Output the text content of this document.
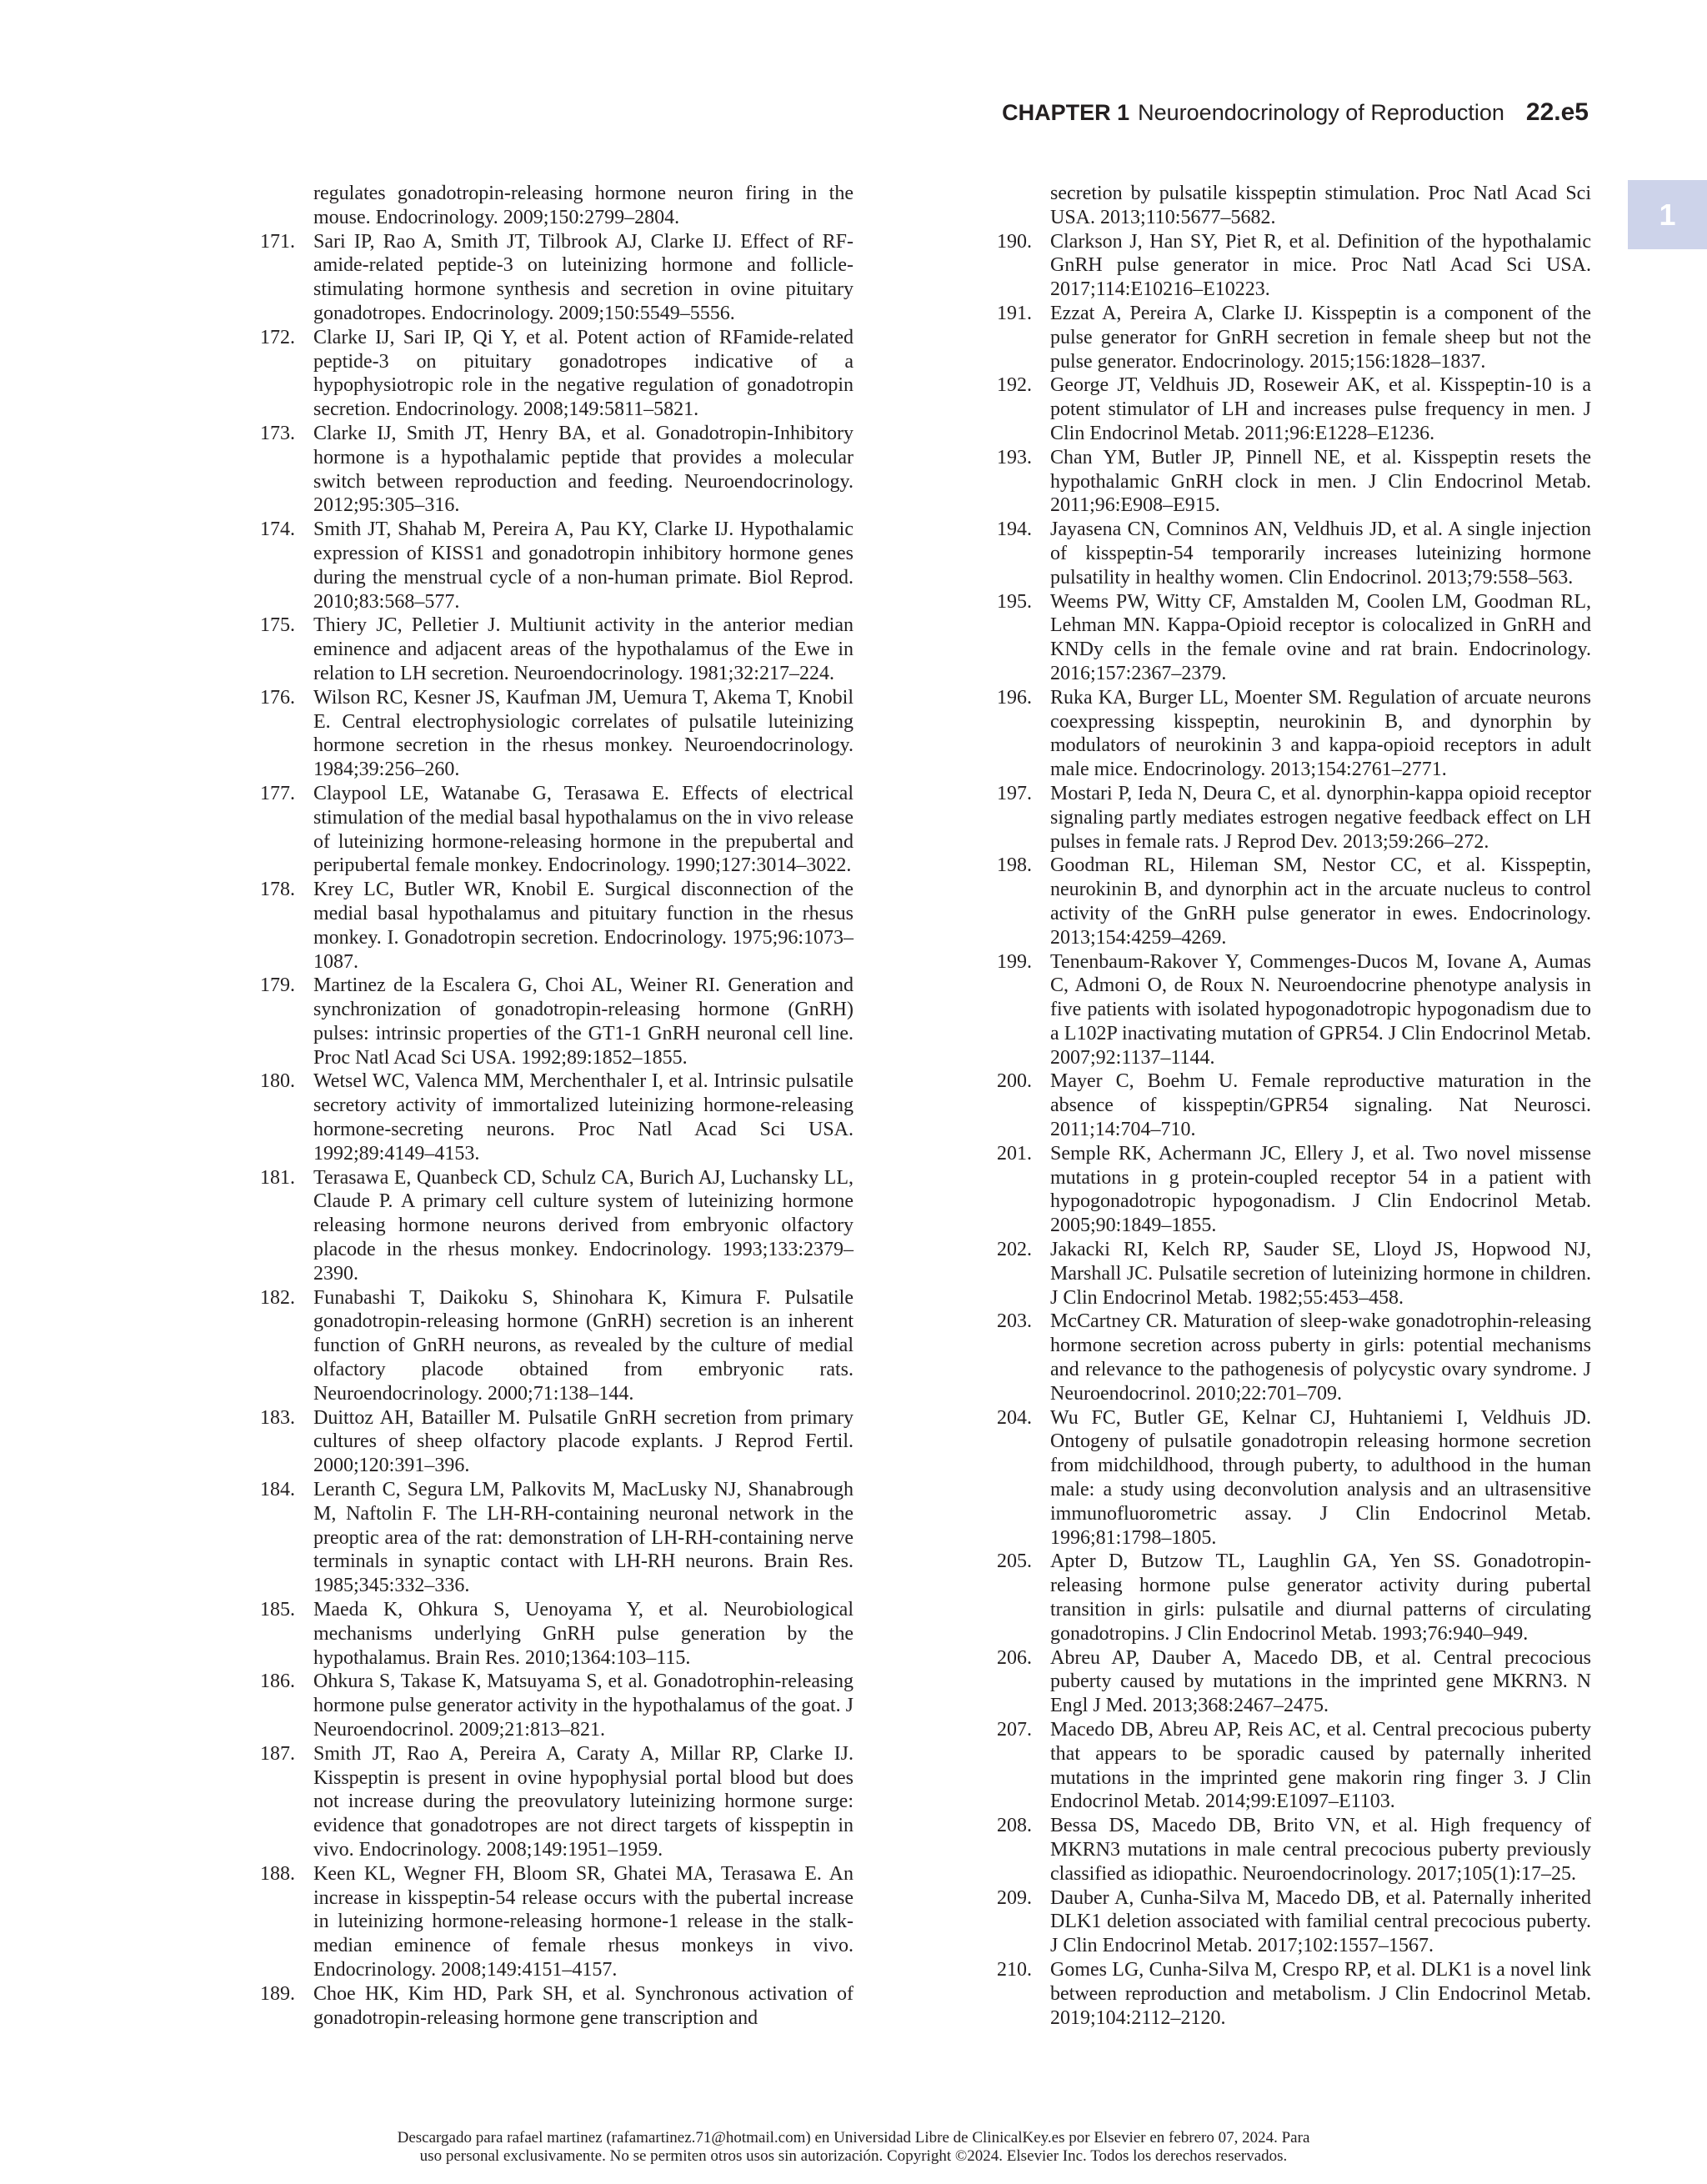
CHAPTER 1 Neuroendocrinology of Reproduction 22.e5
1
regulates gonadotropin-releasing hormone neuron firing in the mouse. Endocrinology. 2009;150:2799–2804.
171. Sari IP, Rao A, Smith JT, Tilbrook AJ, Clarke IJ. Effect of RF-amide-related peptide-3 on luteinizing hormone and follicle-stimulating hormone synthesis and secretion in ovine pituitary gonadotropes. Endocrinology. 2009;150:5549–5556.
172. Clarke IJ, Sari IP, Qi Y, et al. Potent action of RFamide-related peptide-3 on pituitary gonadotropes indicative of a hypophysiotropic role in the negative regulation of gonadotropin secretion. Endocrinology. 2008;149:5811–5821.
173. Clarke IJ, Smith JT, Henry BA, et al. Gonadotropin-Inhibitory hormone is a hypothalamic peptide that provides a molecular switch between reproduction and feeding. Neuroendocrinology. 2012;95:305–316.
174. Smith JT, Shahab M, Pereira A, Pau KY, Clarke IJ. Hypothalamic expression of KISS1 and gonadotropin inhibitory hormone genes during the menstrual cycle of a non-human primate. Biol Reprod. 2010;83:568–577.
175. Thiery JC, Pelletier J. Multiunit activity in the anterior median eminence and adjacent areas of the hypothalamus of the Ewe in relation to LH secretion. Neuroendocrinology. 1981;32:217–224.
176. Wilson RC, Kesner JS, Kaufman JM, Uemura T, Akema T, Knobil E. Central electrophysiologic correlates of pulsatile luteinizing hormone secretion in the rhesus monkey. Neuroendocrinology. 1984;39:256–260.
177. Claypool LE, Watanabe G, Terasawa E. Effects of electrical stimulation of the medial basal hypothalamus on the in vivo release of luteinizing hormone-releasing hormone in the prepubertal and peripubertal female monkey. Endocrinology. 1990;127:3014–3022.
178. Krey LC, Butler WR, Knobil E. Surgical disconnection of the medial basal hypothalamus and pituitary function in the rhesus monkey. I. Gonadotropin secretion. Endocrinology. 1975;96:1073–1087.
179. Martinez de la Escalera G, Choi AL, Weiner RI. Generation and synchronization of gonadotropin-releasing hormone (GnRH) pulses: intrinsic properties of the GT1-1 GnRH neuronal cell line. Proc Natl Acad Sci USA. 1992;89:1852–1855.
180. Wetsel WC, Valenca MM, Merchenthaler I, et al. Intrinsic pulsatile secretory activity of immortalized luteinizing hormone-releasing hormone-secreting neurons. Proc Natl Acad Sci USA. 1992;89:4149–4153.
181. Terasawa E, Quanbeck CD, Schulz CA, Burich AJ, Luchansky LL, Claude P. A primary cell culture system of luteinizing hormone releasing hormone neurons derived from embryonic olfactory placode in the rhesus monkey. Endocrinology. 1993;133:2379–2390.
182. Funabashi T, Daikoku S, Shinohara K, Kimura F. Pulsatile gonadotropin-releasing hormone (GnRH) secretion is an inherent function of GnRH neurons, as revealed by the culture of medial olfactory placode obtained from embryonic rats. Neuroendocrinology. 2000;71:138–144.
183. Duittoz AH, Batailler M. Pulsatile GnRH secretion from primary cultures of sheep olfactory placode explants. J Reprod Fertil. 2000;120:391–396.
184. Leranth C, Segura LM, Palkovits M, MacLusky NJ, Shanabrough M, Naftolin F. The LH-RH-containing neuronal network in the preoptic area of the rat: demonstration of LH-RH-containing nerve terminals in synaptic contact with LH-RH neurons. Brain Res. 1985;345:332–336.
185. Maeda K, Ohkura S, Uenoyama Y, et al. Neurobiological mechanisms underlying GnRH pulse generation by the hypothalamus. Brain Res. 2010;1364:103–115.
186. Ohkura S, Takase K, Matsuyama S, et al. Gonadotrophin-releasing hormone pulse generator activity in the hypothalamus of the goat. J Neuroendocrinol. 2009;21:813–821.
187. Smith JT, Rao A, Pereira A, Caraty A, Millar RP, Clarke IJ. Kisspeptin is present in ovine hypophysial portal blood but does not increase during the preovulatory luteinizing hormone surge: evidence that gonadotropes are not direct targets of kisspeptin in vivo. Endocrinology. 2008;149:1951–1959.
188. Keen KL, Wegner FH, Bloom SR, Ghatei MA, Terasawa E. An increase in kisspeptin-54 release occurs with the pubertal increase in luteinizing hormone-releasing hormone-1 release in the stalk-median eminence of female rhesus monkeys in vivo. Endocrinology. 2008;149:4151–4157.
189. Choe HK, Kim HD, Park SH, et al. Synchronous activation of gonadotropin-releasing hormone gene transcription and
secretion by pulsatile kisspeptin stimulation. Proc Natl Acad Sci USA. 2013;110:5677–5682.
190. Clarkson J, Han SY, Piet R, et al. Definition of the hypothalamic GnRH pulse generator in mice. Proc Natl Acad Sci USA. 2017;114:E10216–E10223.
191. Ezzat A, Pereira A, Clarke IJ. Kisspeptin is a component of the pulse generator for GnRH secretion in female sheep but not the pulse generator. Endocrinology. 2015;156:1828–1837.
192. George JT, Veldhuis JD, Roseweir AK, et al. Kisspeptin-10 is a potent stimulator of LH and increases pulse frequency in men. J Clin Endocrinol Metab. 2011;96:E1228–E1236.
193. Chan YM, Butler JP, Pinnell NE, et al. Kisspeptin resets the hypothalamic GnRH clock in men. J Clin Endocrinol Metab. 2011;96:E908–E915.
194. Jayasena CN, Comninos AN, Veldhuis JD, et al. A single injection of kisspeptin-54 temporarily increases luteinizing hormone pulsatility in healthy women. Clin Endocrinol. 2013;79:558–563.
195. Weems PW, Witty CF, Amstalden M, Coolen LM, Goodman RL, Lehman MN. Kappa-Opioid receptor is colocalized in GnRH and KNDy cells in the female ovine and rat brain. Endocrinology. 2016;157:2367–2379.
196. Ruka KA, Burger LL, Moenter SM. Regulation of arcuate neurons coexpressing kisspeptin, neurokinin B, and dynorphin by modulators of neurokinin 3 and kappa-opioid receptors in adult male mice. Endocrinology. 2013;154:2761–2771.
197. Mostari P, Ieda N, Deura C, et al. dynorphin-kappa opioid receptor signaling partly mediates estrogen negative feedback effect on LH pulses in female rats. J Reprod Dev. 2013;59:266–272.
198. Goodman RL, Hileman SM, Nestor CC, et al. Kisspeptin, neurokinin B, and dynorphin act in the arcuate nucleus to control activity of the GnRH pulse generator in ewes. Endocrinology. 2013;154:4259–4269.
199. Tenenbaum-Rakover Y, Commenges-Ducos M, Iovane A, Aumas C, Admoni O, de Roux N. Neuroendocrine phenotype analysis in five patients with isolated hypogonadotropic hypogonadism due to a L102P inactivating mutation of GPR54. J Clin Endocrinol Metab. 2007;92:1137–1144.
200. Mayer C, Boehm U. Female reproductive maturation in the absence of kisspeptin/GPR54 signaling. Nat Neurosci. 2011;14:704–710.
201. Semple RK, Achermann JC, Ellery J, et al. Two novel missense mutations in g protein-coupled receptor 54 in a patient with hypogonadotropic hypogonadism. J Clin Endocrinol Metab. 2005;90:1849–1855.
202. Jakacki RI, Kelch RP, Sauder SE, Lloyd JS, Hopwood NJ, Marshall JC. Pulsatile secretion of luteinizing hormone in children. J Clin Endocrinol Metab. 1982;55:453–458.
203. McCartney CR. Maturation of sleep-wake gonadotrophin-releasing hormone secretion across puberty in girls: potential mechanisms and relevance to the pathogenesis of polycystic ovary syndrome. J Neuroendocrinol. 2010;22:701–709.
204. Wu FC, Butler GE, Kelnar CJ, Huhtaniemi I, Veldhuis JD. Ontogeny of pulsatile gonadotropin releasing hormone secretion from midchildhood, through puberty, to adulthood in the human male: a study using deconvolution analysis and an ultrasensitive immunofluorometric assay. J Clin Endocrinol Metab. 1996;81:1798–1805.
205. Apter D, Butzow TL, Laughlin GA, Yen SS. Gonadotropin-releasing hormone pulse generator activity during pubertal transition in girls: pulsatile and diurnal patterns of circulating gonadotropins. J Clin Endocrinol Metab. 1993;76:940–949.
206. Abreu AP, Dauber A, Macedo DB, et al. Central precocious puberty caused by mutations in the imprinted gene MKRN3. N Engl J Med. 2013;368:2467–2475.
207. Macedo DB, Abreu AP, Reis AC, et al. Central precocious puberty that appears to be sporadic caused by paternally inherited mutations in the imprinted gene makorin ring finger 3. J Clin Endocrinol Metab. 2014;99:E1097–E1103.
208. Bessa DS, Macedo DB, Brito VN, et al. High frequency of MKRN3 mutations in male central precocious puberty previously classified as idiopathic. Neuroendocrinology. 2017;105(1):17–25.
209. Dauber A, Cunha-Silva M, Macedo DB, et al. Paternally inherited DLK1 deletion associated with familial central precocious puberty. J Clin Endocrinol Metab. 2017;102:1557–1567.
210. Gomes LG, Cunha-Silva M, Crespo RP, et al. DLK1 is a novel link between reproduction and metabolism. J Clin Endocrinol Metab. 2019;104:2112–2120.
Descargado para rafael martinez (rafamartinez.71@hotmail.com) en Universidad Libre de ClinicalKey.es por Elsevier en febrero 07, 2024. Para
uso personal exclusivamente. No se permiten otros usos sin autorización. Copyright ©2024. Elsevier Inc. Todos los derechos reservados.
